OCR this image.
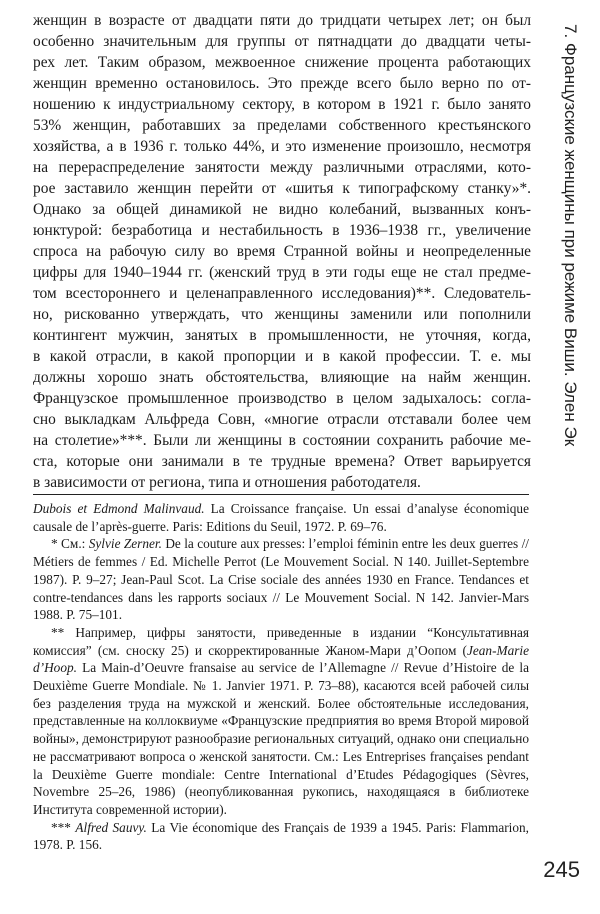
женщин в возрасте от двадцати пяти до тридцати четырех лет; он был
особенно значительным для группы от пятнадцати до двадцати четы-
рех лет. Таким образом, межвоенное снижение процента работающих
женщин временно остановилось. Это прежде всего было верно по от-
ношению к индустриальному сектору, в котором в 1921 г. было занято
53% женщин, работавших за пределами собственного крестьянского
хозяйства, а в 1936 г. только 44%, и это изменение произошло, несмотря
на перераспределение занятости между различными отраслями, кото-
рое заставило женщин перейти от «шитья к типографскому станку»*.
Однако за общей динамикой не видно колебаний, вызванных конъ-
юнктурой: безработица и нестабильность в 1936–1938 гг., увеличение
спроса на рабочую силу во время Странной войны и неопределенные
цифры для 1940–1944 гг. (женский труд в эти годы еще не стал предме-
том всестороннего и целенаправленного исследования)**. Следователь-
но, рискованно утверждать, что женщины заменили или пополнили
контингент мужчин, занятых в промышленности, не уточняя, когда,
в какой отрасли, в какой пропорции и в какой профессии. Т. е. мы
должны хорошо знать обстоятельства, влияющие на найм женщин.
Французское промышленное производство в целом задыхалось: согла-
сно выкладкам Альфреда Совн, «многие отрасли отставали более чем
на столетие»***. Были ли женщины в состоянии сохранить рабочие ме-
ста, которые они занимали в те трудные времена? Ответ варьируется
в зависимости от региона, типа и отношения работодателя.

Dubois et Edmond Malinvaud. La Croissance française. Un essai d’analyse économique causale de l’après-guerre. Paris: Editions du Seuil, 1972. P. 69–76.

* См.: Sylvie Zerner. De la couture aux presses: l’emploi féminin entre les deux guerres // Métiers de femmes / Ed. Michelle Perrot (Le Mouvement Social. N 140. Juillet-Septembre 1987). P. 9–27; Jean-Paul Scot. La Crise sociale des années 1930 en France. Tendances et contre-tendances dans les rapports sociaux // Le Mouvement Social. N 142. Janvier-Mars 1988. P. 75–101.

** Например, цифры занятости, приведенные в издании “Консультативная комиссия” (см. сноску 25) и скорректированные Жаном-Мари д’Оопом (Jean-Marie d’Hoop. La Main-d’Oeuvre fransaise au service de l’Allemagne // Revue d’Histoire de la Deuxième Guerre Mondiale. № 1. Janvier 1971. P. 73–88), касаются всей рабочей силы без разделения труда на мужской и женский. Более обстоятельные исследования, представленные на коллоквиуме «Французские предприятия во время Второй мировой войны», демонстрируют разнообразие региональных ситуаций, однако они специально не рассматривают вопроса о женской занятости. См.: Les Entreprises françaises pendant la Deuxième Guerre mondiale: Centre International d’Etudes Pédagogiques (Sèvres, Novembre 25–26, 1986) (неопубликованная рукопись, находящаяся в библиотеке Института современной истории).

*** Alfred Sauvy. La Vie économique des Français de 1939 a 1945. Paris: Flammarion, 1978. P. 156.

7. Французские женщины при режиме Виши. Элен Эк
245
